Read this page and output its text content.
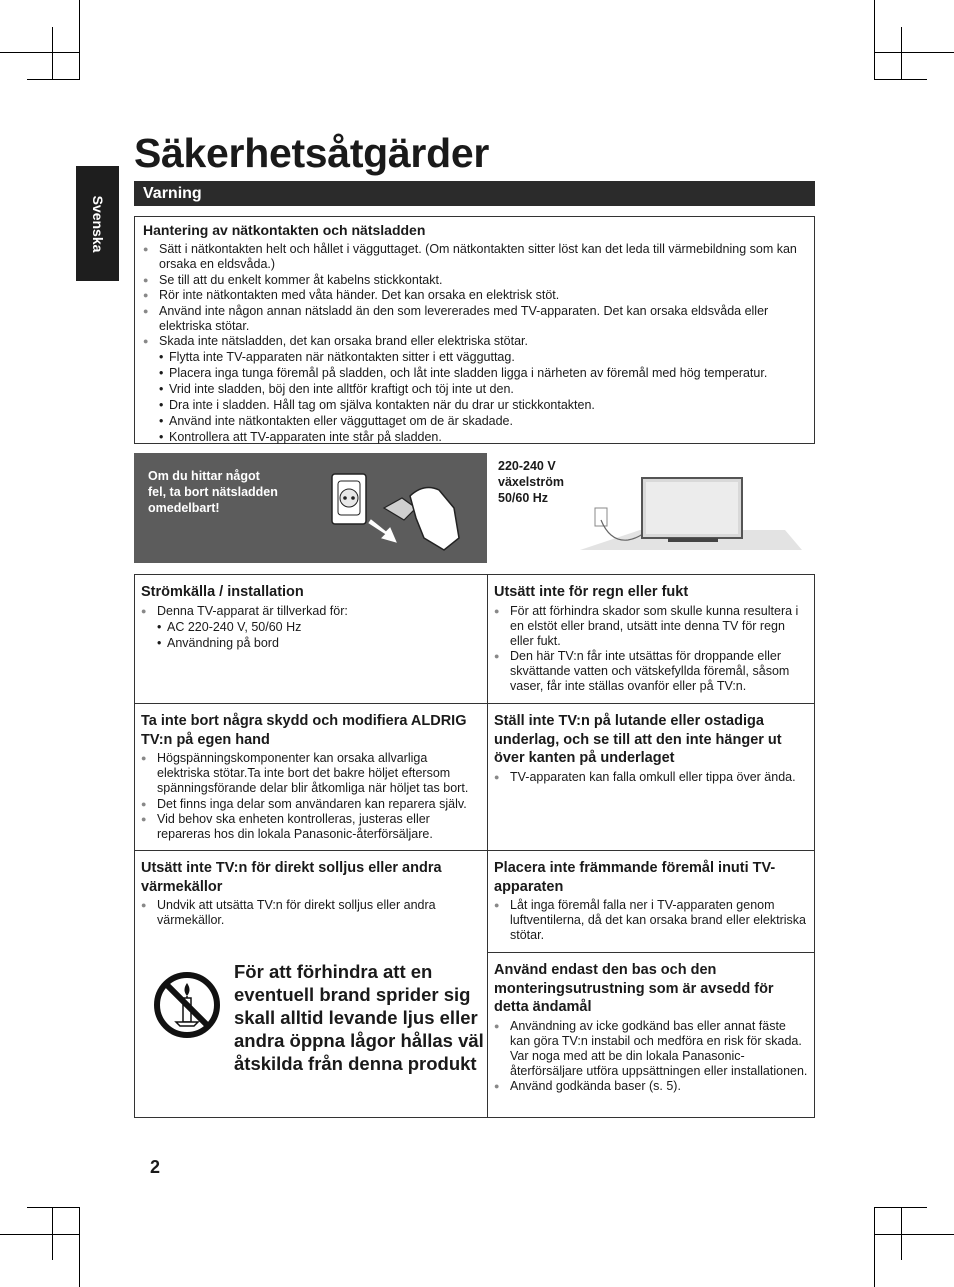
Svenska
Säkerhetsåtgärder
Varning
Hantering av nätkontakten och nätsladden
● Sätt i nätkontakten helt och hållet i vägguttaget. (Om nätkontakten sitter löst kan det leda till värmebildning som kan orsaka en eldsvåda.)
● Se till att du enkelt kommer åt kabelns stickkontakt.
● Rör inte nätkontakten med våta händer. Det kan orsaka en elektrisk stöt.
● Använd inte någon annan nätsladd än den som levererades med TV-apparaten. Det kan orsaka eldsvåda eller elektriska stötar.
● Skada inte nätsladden, det kan orsaka brand eller elektriska stötar.
• Flytta inte TV-apparaten när nätkontakten sitter i ett vägguttag.
• Placera inga tunga föremål på sladden, och låt inte sladden ligga i närheten av föremål med hög temperatur.
• Vrid inte sladden, böj den inte alltför kraftigt och töj inte ut den.
• Dra inte i sladden. Håll tag om själva kontakten när du drar ur stickkontakten.
• Använd inte nätkontakten eller vägguttaget om de är skadade.
• Kontrollera att TV-apparaten inte står på sladden.
Om du hittar något
fel, ta bort nätsladden
omedelbart!
220-240 V
växelström
50/60 Hz
Strömkälla / installation
● Denna TV-apparat är tillverkad för:
• AC 220-240 V, 50/60 Hz
• Användning på bord
Utsätt inte för regn eller fukt
● För att förhindra skador som skulle kunna resultera i en elstöt eller brand, utsätt inte denna TV för regn eller fukt.
● Den här TV:n får inte utsättas för droppande eller skvättande vatten och vätskefyllda föremål, såsom vaser, får inte ställas ovanför eller på TV:n.
Ta inte bort några skydd och modifiera ALDRIG TV:n på egen hand
● Högspänningskomponenter kan orsaka allvarliga elektriska stötar.Ta inte bort det bakre höljet eftersom spänningsförande delar blir åtkomliga när höljet tas bort.
● Det finns inga delar som användaren kan reparera själv.
● Vid behov ska enheten kontrolleras, justeras eller repareras hos din lokala Panasonic-återförsäljare.
Ställ inte TV:n på lutande eller ostadiga underlag, och se till att den inte hänger ut över kanten på underlaget
● TV-apparaten kan falla omkull eller tippa över ända.
Utsätt inte TV:n för direkt solljus eller andra värmekällor
● Undvik att utsätta TV:n för direkt solljus eller andra värmekällor.
Placera inte främmande föremål inuti TV-apparaten
● Låt inga föremål falla ner i TV-apparaten genom luftventilerna, då det kan orsaka brand eller elektriska stötar.
Använd endast den bas och den monteringsutrustning som är avsedd för detta ändamål
● Användning av icke godkänd bas eller annat fäste kan göra TV:n instabil och medföra en risk för skada. Var noga med att be din lokala Panasonic-återförsäljare utföra uppsättningen eller installationen.
● Använd godkända baser (s. 5).
För att förhindra att en eventuell brand sprider sig skall alltid levande ljus eller andra öppna lågor hållas väl åtskilda från denna produkt
2
